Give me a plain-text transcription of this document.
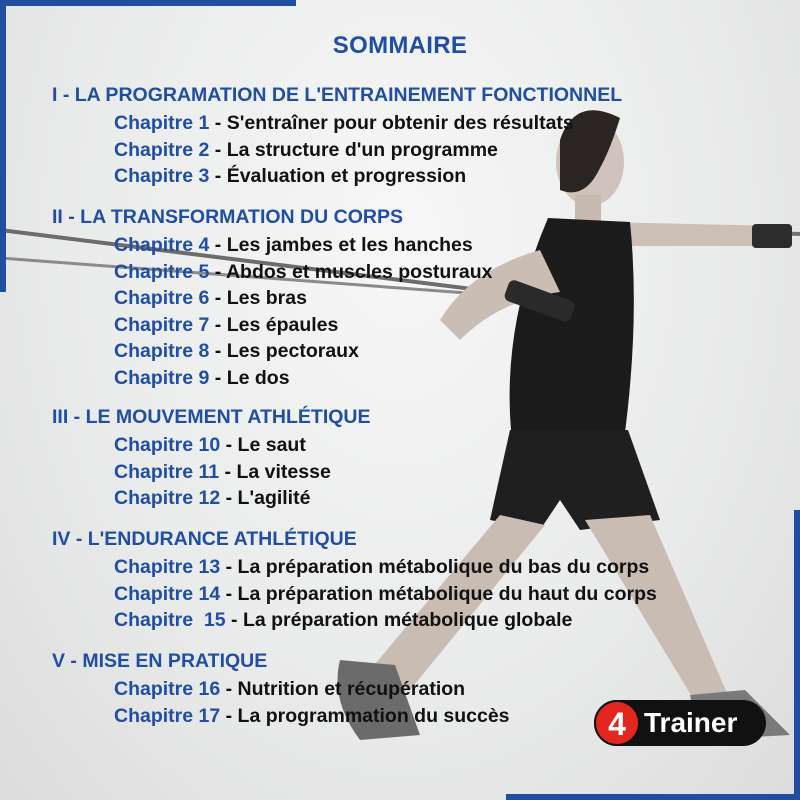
SOMMAIRE
I - LA PROGRAMATION DE L'ENTRAINEMENT FONCTIONNEL
Chapitre 1 - S'entraîner pour obtenir des résultats
Chapitre 2 - La structure d'un programme
Chapitre 3 - Évaluation et progression
II - LA TRANSFORMATION DU CORPS
Chapitre 4 - Les jambes et les hanches
Chapitre 5 - Abdos et muscles posturaux
Chapitre 6 - Les bras
Chapitre 7 - Les épaules
Chapitre 8 - Les pectoraux
Chapitre 9 - Le dos
III - LE MOUVEMENT ATHLÉTIQUE
Chapitre 10 - Le saut
Chapitre 11 - La vitesse
Chapitre 12 - L'agilité
IV - L'ENDURANCE ATHLÉTIQUE
Chapitre 13 - La préparation métabolique du bas du corps
Chapitre 14 - La préparation métabolique du haut du corps
Chapitre  15 - La préparation métabolique globale
V - MISE EN PRATIQUE
Chapitre 16 - Nutrition et récupération
Chapitre 17 - La programmation du succès	4 Trainer
